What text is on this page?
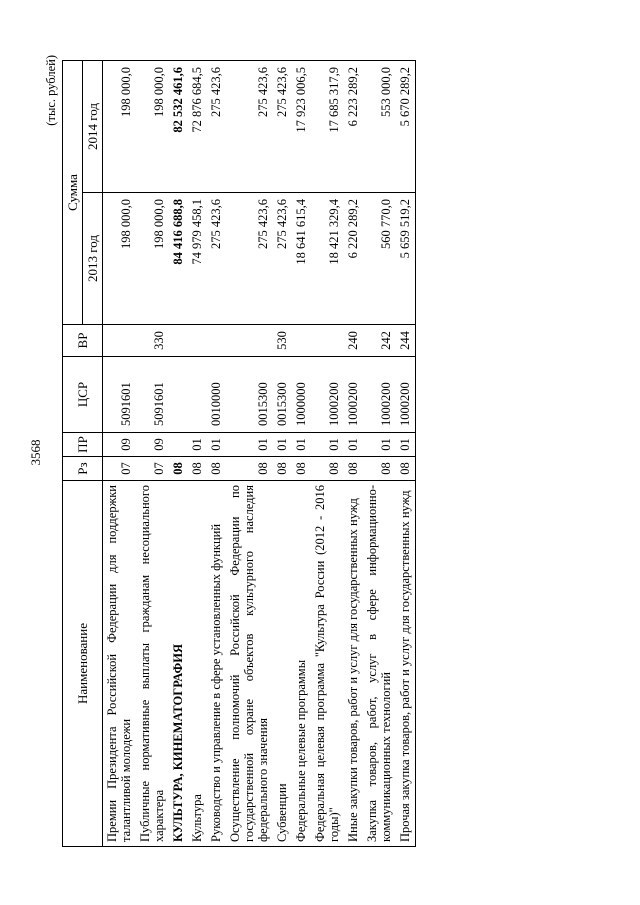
3568
(тыс. рублей)
Наименование	Рз	ПР	ЦСР	ВР	Сумма	
					2013 год	2014 год
Премии Президента Российской Федерации для поддержки талантливой молодежи	07	09	5091601		198 000,0	198 000,0
Публичные нормативные выплаты гражданам несоциального характера	07	09	5091601	330	198 000,0	198 000,0
КУЛЬТУРА, КИНЕМАТОГРАФИЯ	08				84 416 688,8	82 532 461,6
Культура	08	01			74 979 458,1	72 876 684,5
Руководство и управление в сфере установленных функций	08	01	0010000		275 423,6	275 423,6
Осуществление полномочий Российской Федерации по государственной охране объектов культурного наследия федерального значения	08	01	0015300		275 423,6	275 423,6
Субвенции	08	01	0015300	530	275 423,6	275 423,6
Федеральные целевые программы	08	01	1000000		18 641 615,4	17 923 006,5
Федеральная целевая программа "Культура России (2012 - 2016 годы)"	08	01	1000200		18 421 329,4	17 685 317,9
Иные закупки товаров, работ и услуг для государственных нужд	08	01	1000200	240	6 220 289,2	6 223 289,2
Закупка товаров, работ, услуг в сфере информационно-коммуникационных технологий	08	01	1000200	242	560 770,0	553 000,0
Прочая закупка товаров, работ и услуг для государственных нужд	08	01	1000200	244	5 659 519,2	5 670 289,2
